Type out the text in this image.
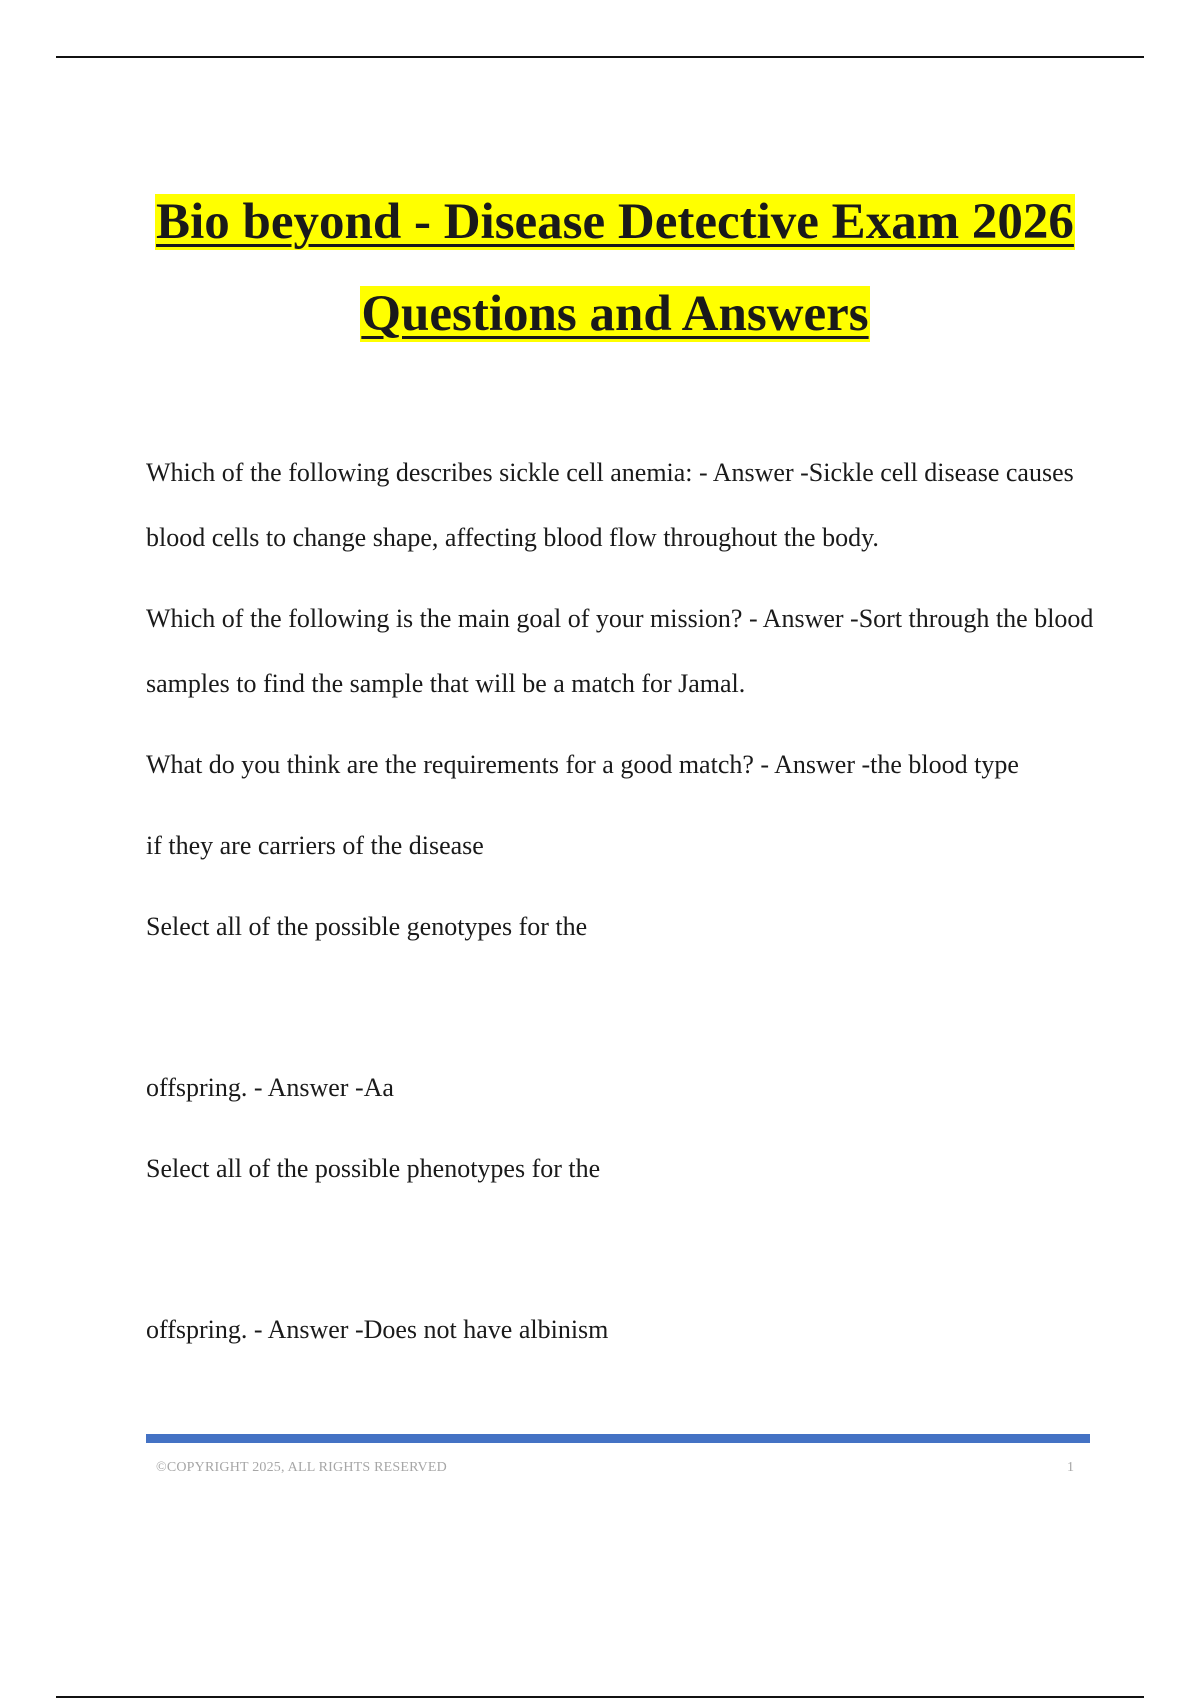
Bio beyond - Disease Detective Exam 2026
Questions and Answers

Which of the following describes sickle cell anemia: - Answer -Sickle cell disease causes blood cells to change shape, affecting blood flow throughout the body.

Which of the following is the main goal of your mission? - Answer -Sort through the blood samples to find the sample that will be a match for Jamal.

What do you think are the requirements for a good match? - Answer -the blood type

if they are carriers of the disease

Select all of the possible genotypes for the

offspring. - Answer -Aa

Select all of the possible phenotypes for the

offspring. - Answer -Does not have albinism

©COPYRIGHT 2025, ALL RIGHTS RESERVED	1
